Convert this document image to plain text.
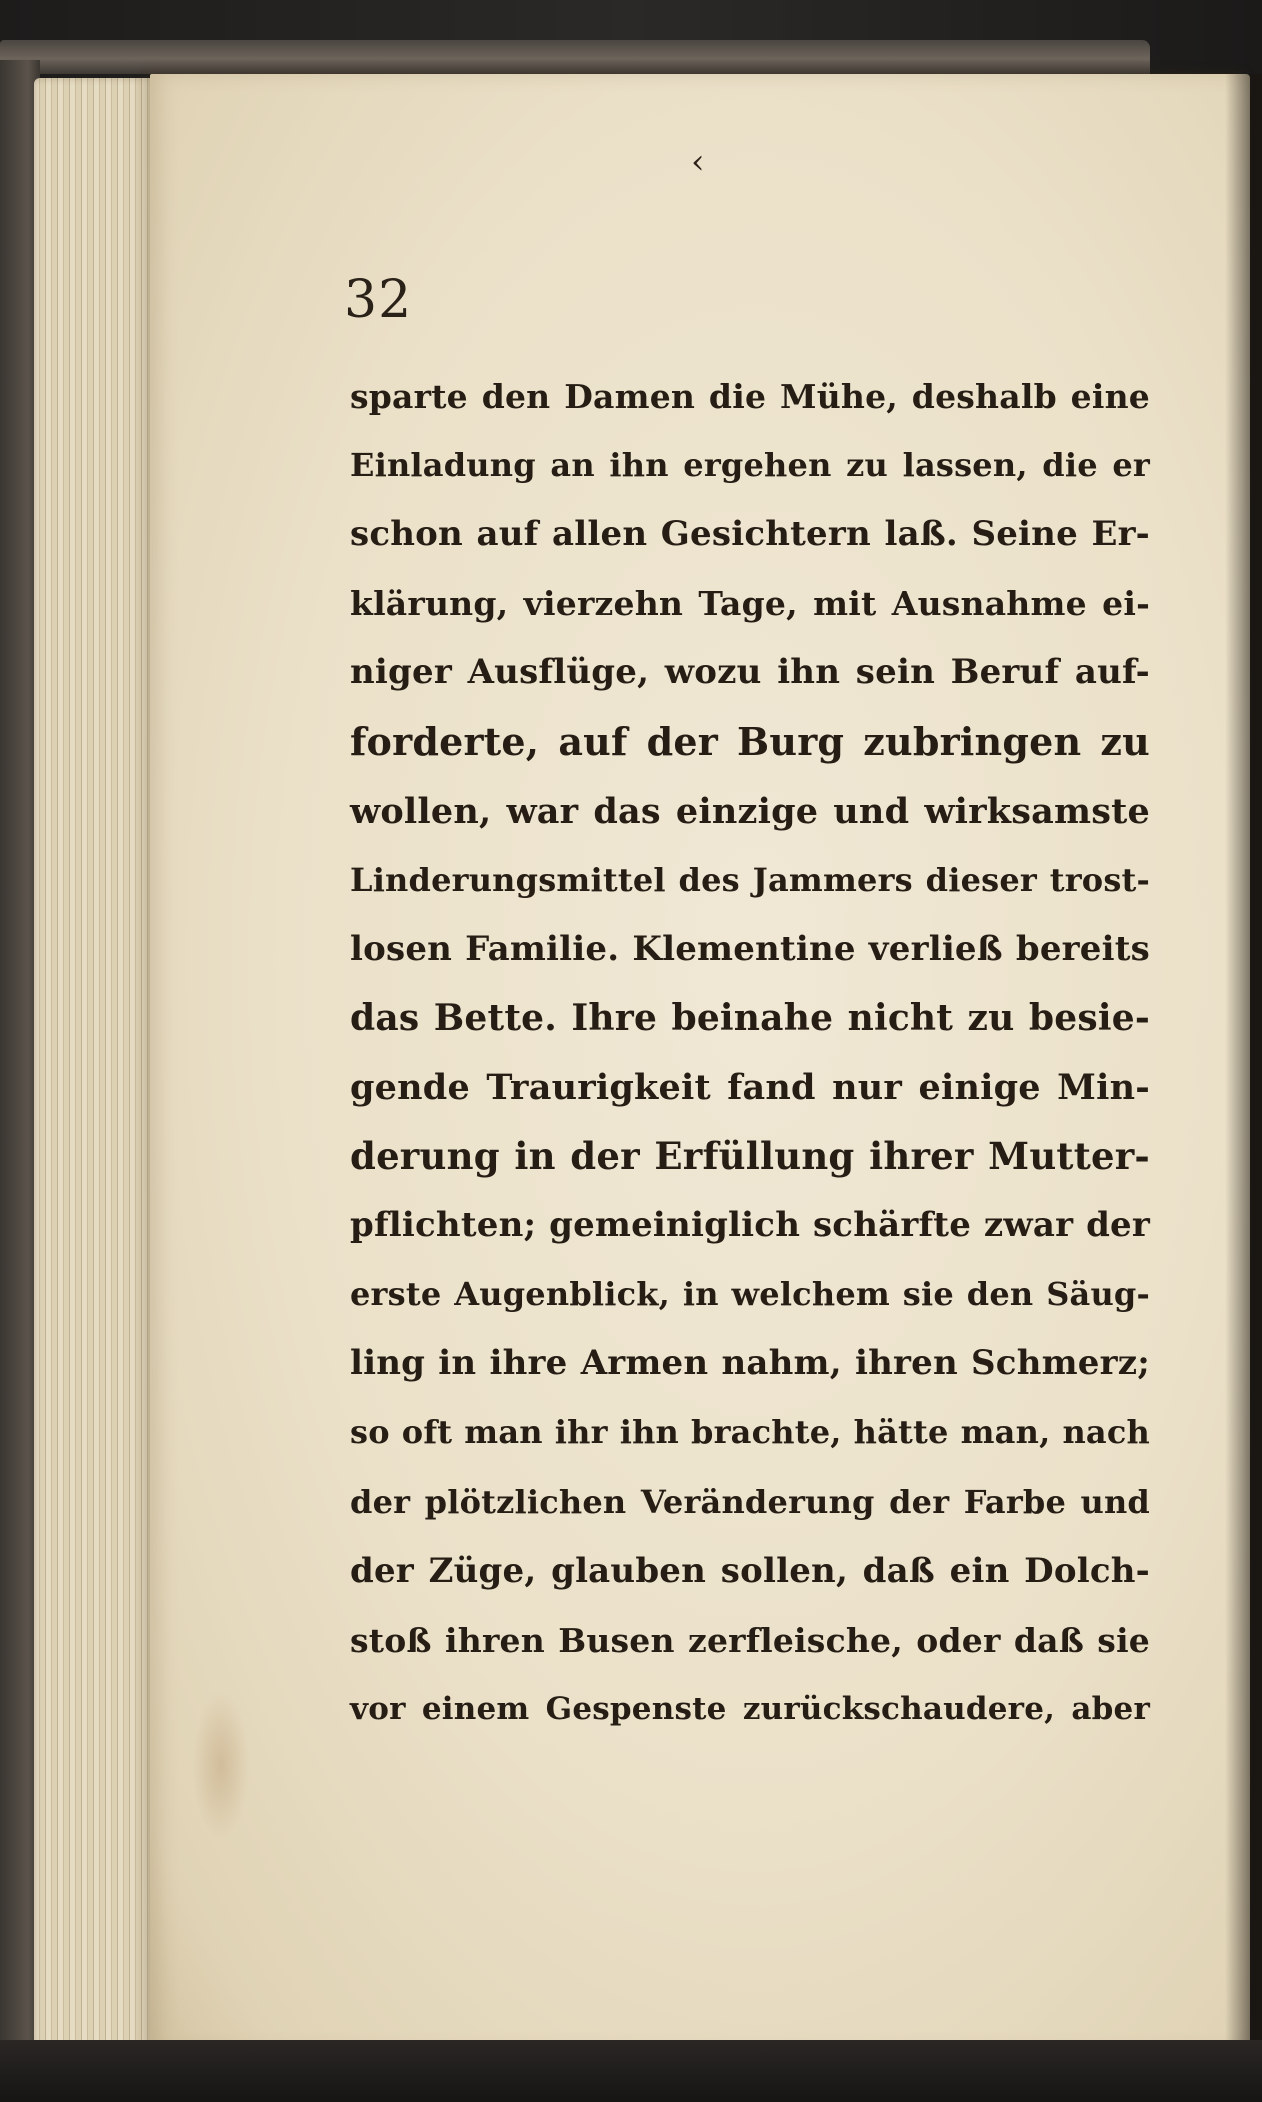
‹
32
sparte den Damen die Mühe, deshalb eine
Einladung an ihn ergehen zu lassen, die er
schon auf allen Gesichtern laß. Seine Er-
klärung, vierzehn Tage, mit Ausnahme ei-
niger Ausflüge, wozu ihn sein Beruf auf-
forderte, auf der Burg zubringen zu
wollen, war das einzige und wirksamste
Linderungsmittel des Jammers dieser trost-
losen Familie. Klementine verließ bereits
das Bette. Ihre beinahe nicht zu besie-
gende Traurigkeit fand nur einige Min-
derung in der Erfüllung ihrer Mutter-
pflichten; gemeiniglich schärfte zwar der
erste Augenblick, in welchem sie den Säug-
ling in ihre Armen nahm, ihren Schmerz;
so oft man ihr ihn brachte, hätte man, nach
der plötzlichen Veränderung der Farbe und
der Züge, glauben sollen, daß ein Dolch-
stoß ihren Busen zerfleische, oder daß sie
vor einem Gespenste zurückschaudere, aber
